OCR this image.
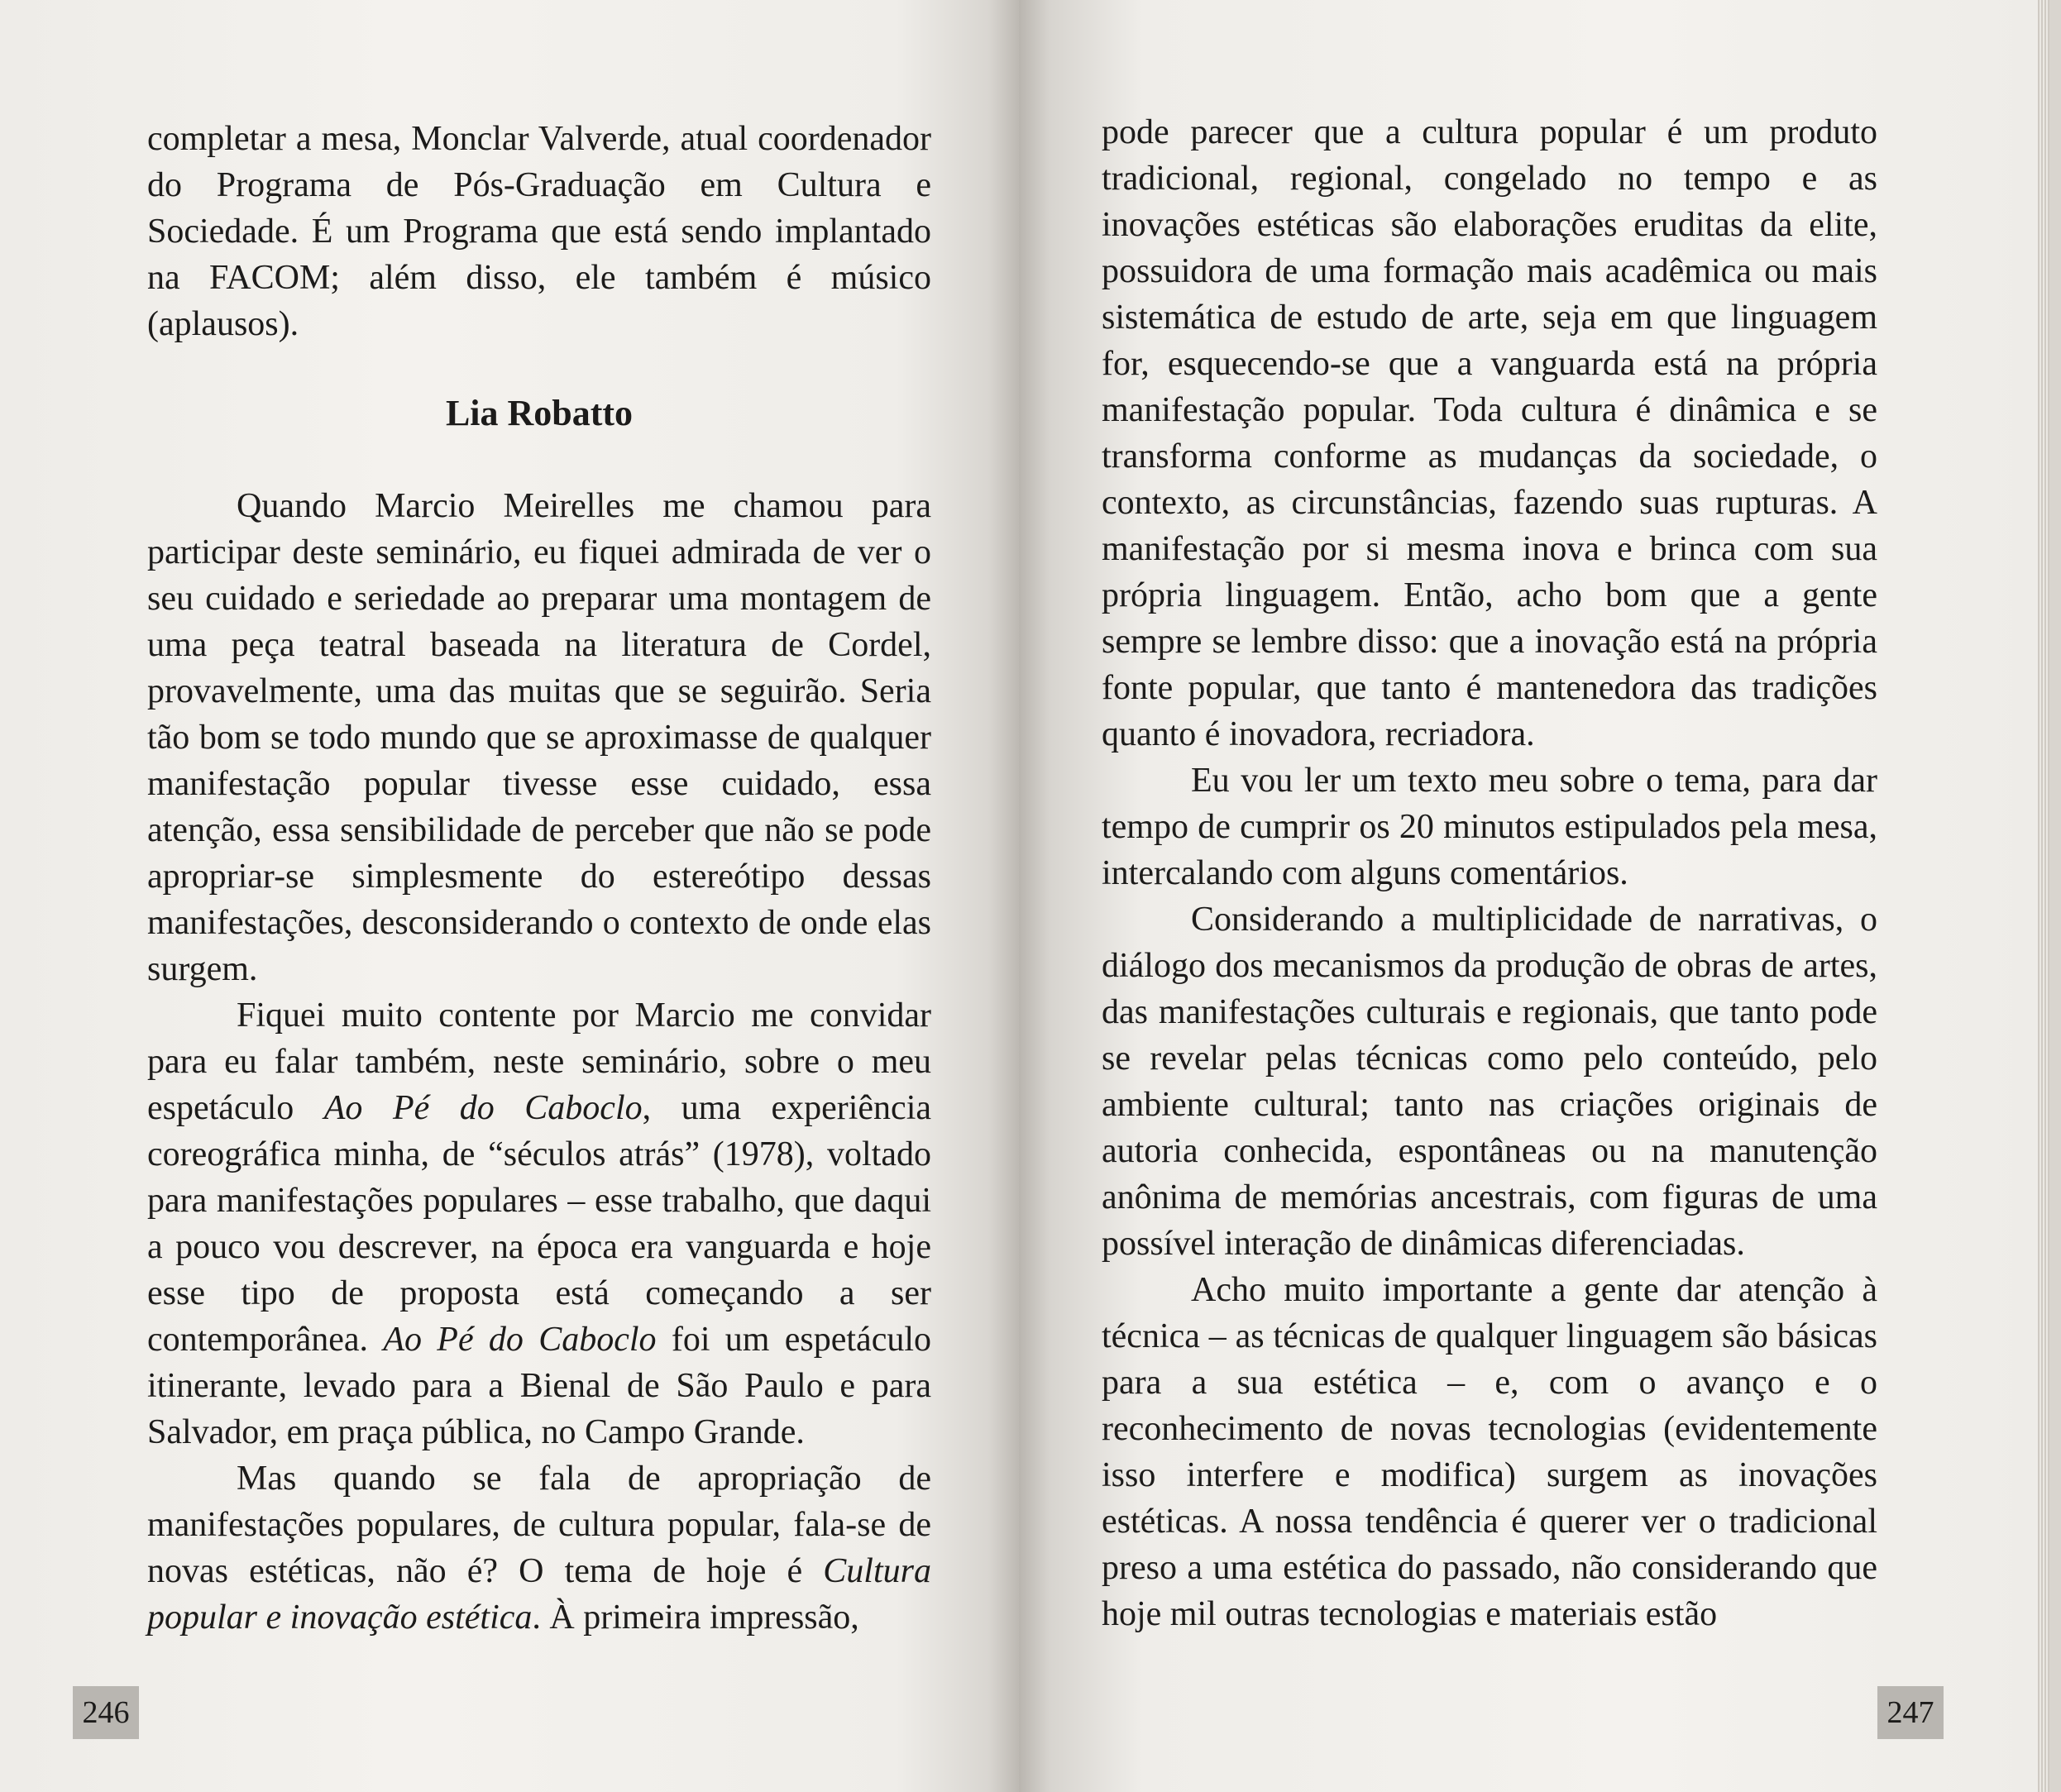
completar a mesa, Monclar Valverde, atual coordenador do Programa de Pós-Graduação em Cultura e Sociedade. É um Programa que está sendo implantado na FACOM; além disso, ele também é músico (aplausos).

Lia Robatto

Quando Marcio Meirelles me chamou para participar deste seminário, eu fiquei admirada de ver o seu cuidado e seriedade ao preparar uma montagem de uma peça teatral baseada na literatura de Cordel, provavelmente, uma das muitas que se seguirão. Seria tão bom se todo mundo que se aproximasse de qualquer manifestação popular tivesse esse cuidado, essa atenção, essa sensibilidade de perceber que não se pode apropriar-se simplesmente do estereótipo dessas manifestações, desconsiderando o contexto de onde elas surgem.

Fiquei muito contente por Marcio me convidar para eu falar também, neste seminário, sobre o meu espetáculo Ao Pé do Caboclo, uma experiência coreográfica minha, de “séculos atrás” (1978), voltado para manifestações populares – esse trabalho, que daqui a pouco vou descrever, na época era vanguarda e hoje esse tipo de proposta está começando a ser contemporânea. Ao Pé do Caboclo foi um espetáculo itinerante, levado para a Bienal de São Paulo e para Salvador, em praça pública, no Campo Grande.

Mas quando se fala de apropriação de manifestações populares, de cultura popular, fala-se de novas estéticas, não é? O tema de hoje é Cultura popular e inovação estética. À primeira impressão,

246

pode parecer que a cultura popular é um produto tradicional, regional, congelado no tempo e as inovações estéticas são elaborações eruditas da elite, possuidora de uma formação mais acadêmica ou mais sistemática de estudo de arte, seja em que linguagem for, esquecendo-se que a vanguarda está na própria manifestação popular. Toda cultura é dinâmica e se transforma conforme as mudanças da sociedade, o contexto, as circunstâncias, fazendo suas rupturas. A manifestação por si mesma inova e brinca com sua própria linguagem. Então, acho bom que a gente sempre se lembre disso: que a inovação está na própria fonte popular, que tanto é mantenedora das tradições quanto é inovadora, recriadora.

Eu vou ler um texto meu sobre o tema, para dar tempo de cumprir os 20 minutos estipulados pela mesa, intercalando com alguns comentários.

Considerando a multiplicidade de narrativas, o diálogo dos mecanismos da produção de obras de artes, das manifestações culturais e regionais, que tanto pode se revelar pelas técnicas como pelo conteúdo, pelo ambiente cultural; tanto nas criações originais de autoria conhecida, espontâneas ou na manutenção anônima de memórias ancestrais, com figuras de uma possível interação de dinâmicas diferenciadas.

Acho muito importante a gente dar atenção à técnica – as técnicas de qualquer linguagem são básicas para a sua estética – e, com o avanço e o reconhecimento de novas tecnologias (evidentemente isso interfere e modifica) surgem as inovações estéticas. A nossa tendência é querer ver o tradicional preso a uma estética do passado, não considerando que hoje mil outras tecnologias e materiais estão

247
